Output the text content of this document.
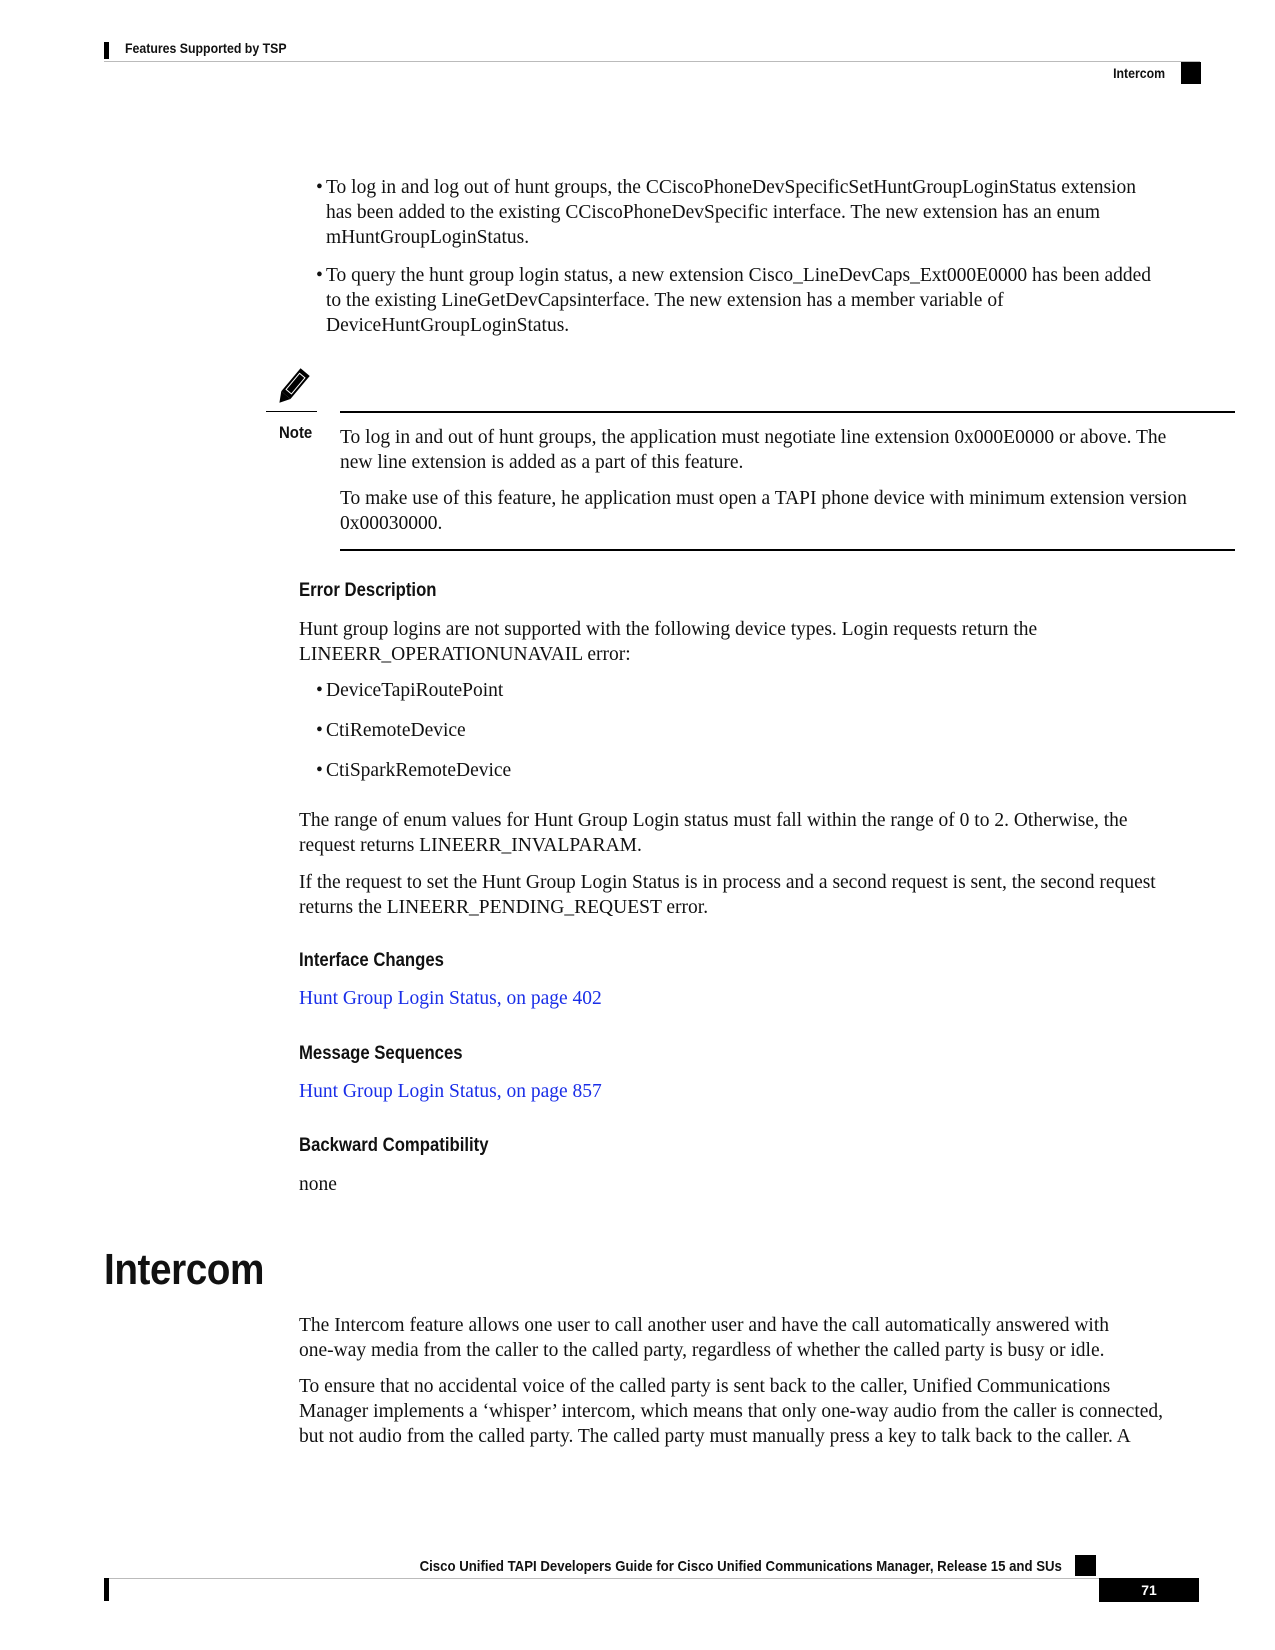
Features Supported by TSP
Intercom
• To log in and log out of hunt groups, the CCiscoPhoneDevSpecificSetHuntGroupLoginStatus extension
has been added to the existing CCiscoPhoneDevSpecific interface. The new extension has an enum
mHuntGroupLoginStatus.
• To query the hunt group login status, a new extension Cisco_LineDevCaps_Ext000E0000 has been added
to the existing LineGetDevCapsinterface. The new extension has a member variable of
DeviceHuntGroupLoginStatus.
Note To log in and out of hunt groups, the application must negotiate line extension 0x000E0000 or above. The
new line extension is added as a part of this feature.
To make use of this feature, he application must open a TAPI phone device with minimum extension version
0x00030000.
Error Description
Hunt group logins are not supported with the following device types. Login requests return the
LINEERR_OPERATIONUNAVAIL error:
• DeviceTapiRoutePoint
• CtiRemoteDevice
• CtiSparkRemoteDevice
The range of enum values for Hunt Group Login status must fall within the range of 0 to 2. Otherwise, the
request returns LINEERR_INVALPARAM.
If the request to set the Hunt Group Login Status is in process and a second request is sent, the second request
returns the LINEERR_PENDING_REQUEST error.
Interface Changes
Hunt Group Login Status, on page 402
Message Sequences
Hunt Group Login Status, on page 857
Backward Compatibility
none
Intercom
The Intercom feature allows one user to call another user and have the call automatically answered with
one-way media from the caller to the called party, regardless of whether the called party is busy or idle.
To ensure that no accidental voice of the called party is sent back to the caller, Unified Communications
Manager implements a ‘whisper’ intercom, which means that only one-way audio from the caller is connected,
but not audio from the called party. The called party must manually press a key to talk back to the caller. A
Cisco Unified TAPI Developers Guide for Cisco Unified Communications Manager, Release 15 and SUs
71
